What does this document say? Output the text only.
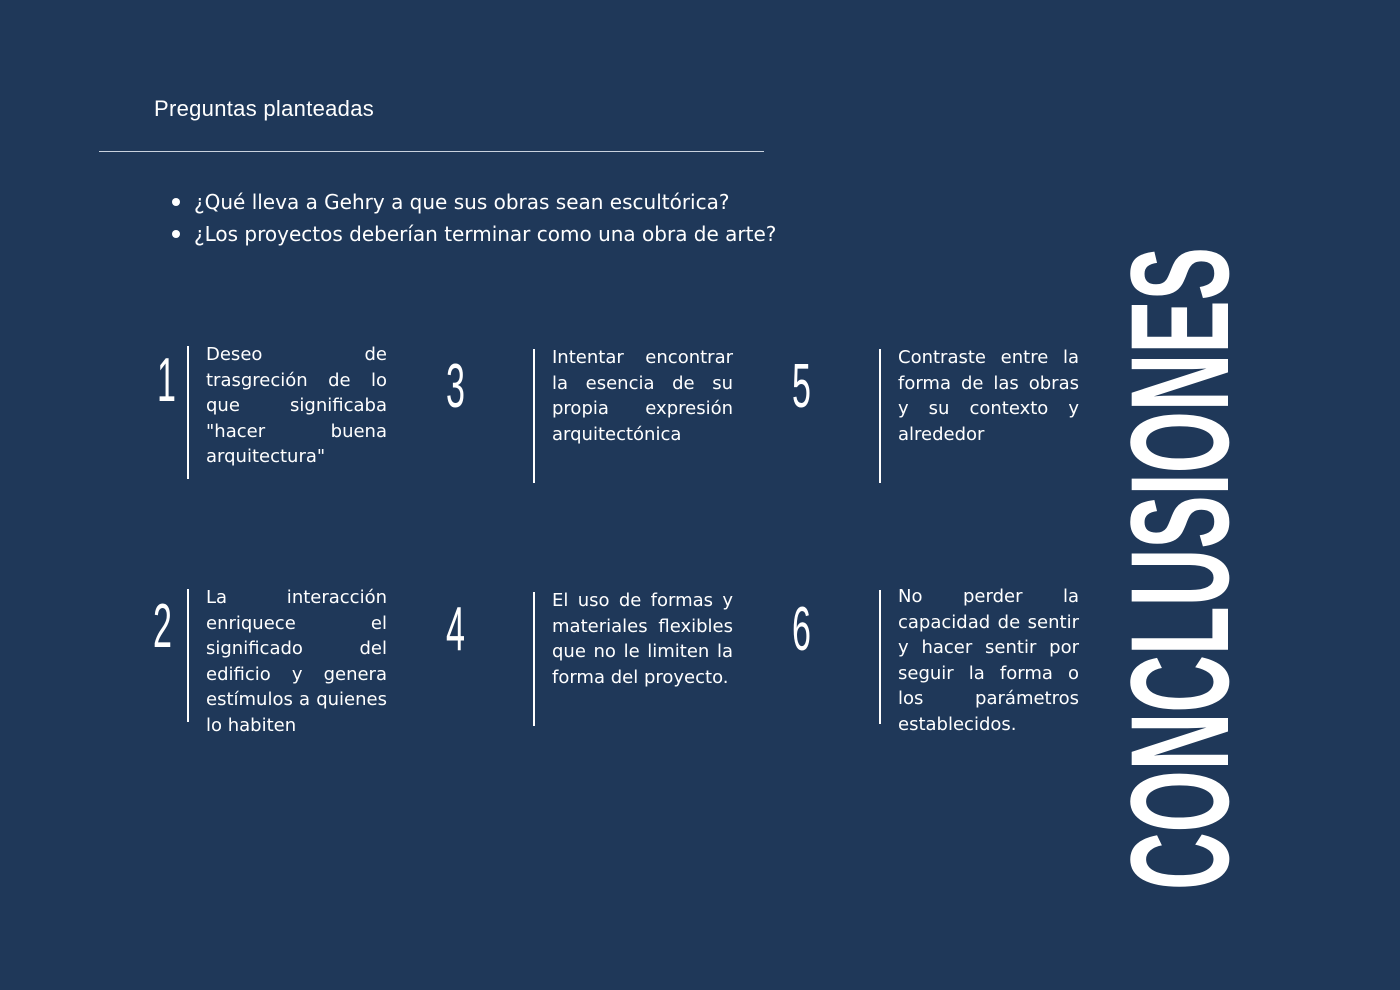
Preguntas planteadas
¿Qué lleva a Gehry a que sus obras sean escultórica?
¿Los proyectos deberían terminar como una obra de arte?
1 Deseo de trasgreción de lo que significaba "hacer buena arquitectura"
2 La interacción enriquece el significado del edificio y genera estímulos a quienes lo habiten
3	Intentar encontrar la esencia de su propia expresión arquitectónica
4	El uso de formas y materiales flexibles que no le limiten la forma del proyecto.
5	Contraste entre la forma de las obras y su contexto y alrededor
6	No perder la capacidad de sentir y hacer sentir por seguir la forma o los parámetros establecidos. CONCLUSIONES
